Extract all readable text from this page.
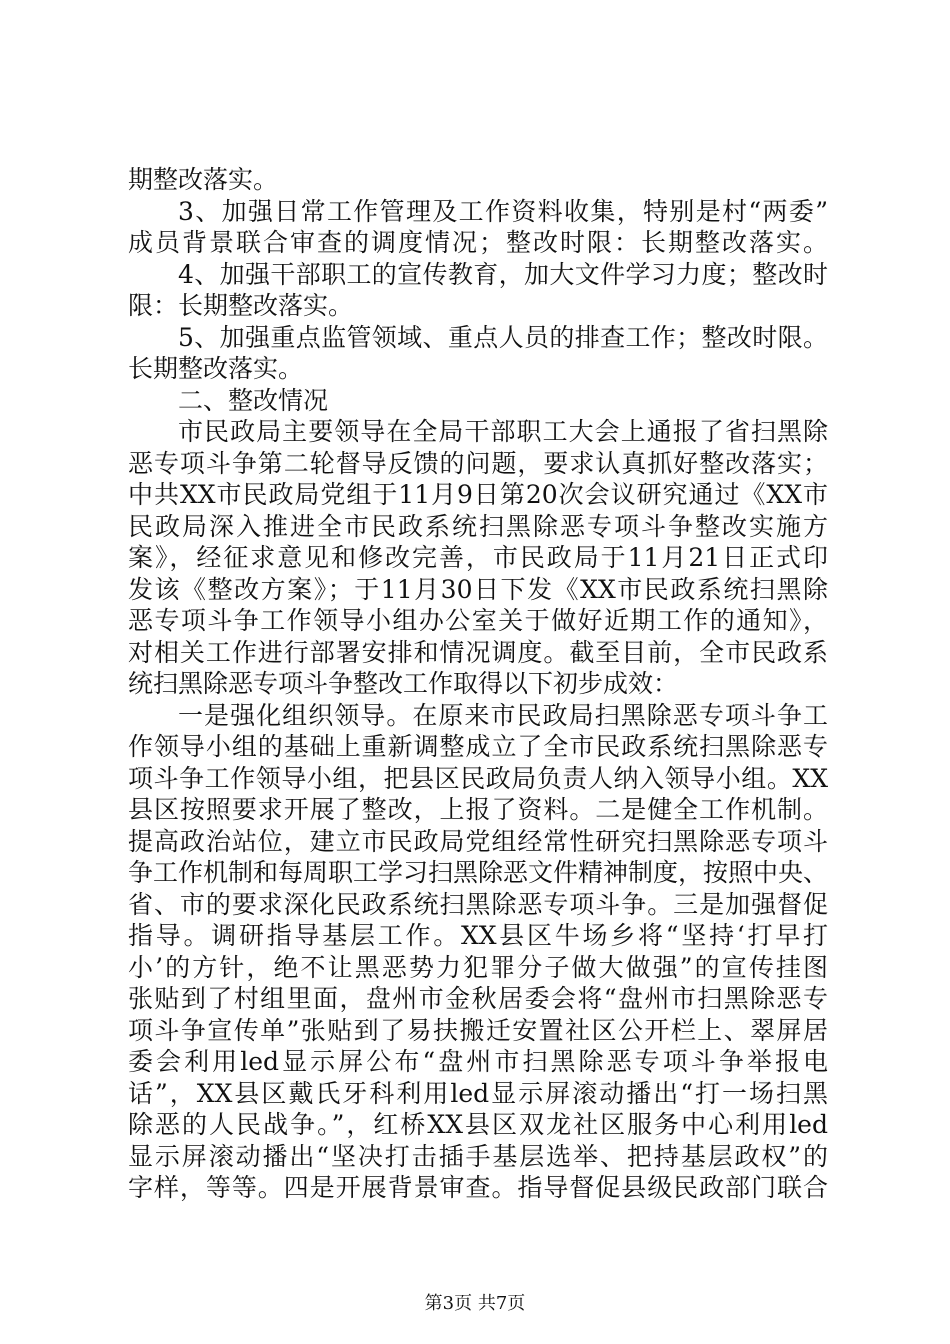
期整改落实。
3、加强日常工作管理及工作资料收集，特别是村“两委”
成员背景联合审查的调度情况；整改时限：长期整改落实。
4、加强干部职工的宣传教育，加大文件学习力度；整改时
限：长期整改落实。
5、加强重点监管领域、重点人员的排查工作；整改时限。
长期整改落实。
二、整改情况
市民政局主要领导在全局干部职工大会上通报了省扫黑除
恶专项斗争第二轮督导反馈的问题，要求认真抓好整改落实；
中共XX市民政局党组于11月9日第20次会议研究通过《XX市
民政局深入推进全市民政系统扫黑除恶专项斗争整改实施方
案》，经征求意见和修改完善，市民政局于11月21日正式印
发该《整改方案》；于11月30日下发《XX市民政系统扫黑除
恶专项斗争工作领导小组办公室关于做好近期工作的通知》，
对相关工作进行部署安排和情况调度。截至目前，全市民政系
统扫黑除恶专项斗争整改工作取得以下初步成效：
一是强化组织领导。在原来市民政局扫黑除恶专项斗争工
作领导小组的基础上重新调整成立了全市民政系统扫黑除恶专
项斗争工作领导小组，把县区民政局负责人纳入领导小组。XX
县区按照要求开展了整改，上报了资料。二是健全工作机制。
提高政治站位，建立市民政局党组经常性研究扫黑除恶专项斗
争工作机制和每周职工学习扫黑除恶文件精神制度，按照中央、
省、市的要求深化民政系统扫黑除恶专项斗争。三是加强督促
指导。调研指导基层工作。XX县区牛场乡将“坚持‘打早打
小’的方针，绝不让黑恶势力犯罪分子做大做强”的宣传挂图
张贴到了村组里面，盘州市金秋居委会将“盘州市扫黑除恶专
项斗争宣传单”张贴到了易扶搬迁安置社区公开栏上、翠屏居
委会利用led显示屏公布“盘州市扫黑除恶专项斗争举报电
话”，XX县区戴氏牙科利用led显示屏滚动播出“打一场扫黑
除恶的人民战争。”，红桥XX县区双龙社区服务中心利用led
显示屏滚动播出“坚决打击插手基层选举、把持基层政权”的
字样，等等。四是开展背景审查。指导督促县级民政部门联合
第3页 共7页
